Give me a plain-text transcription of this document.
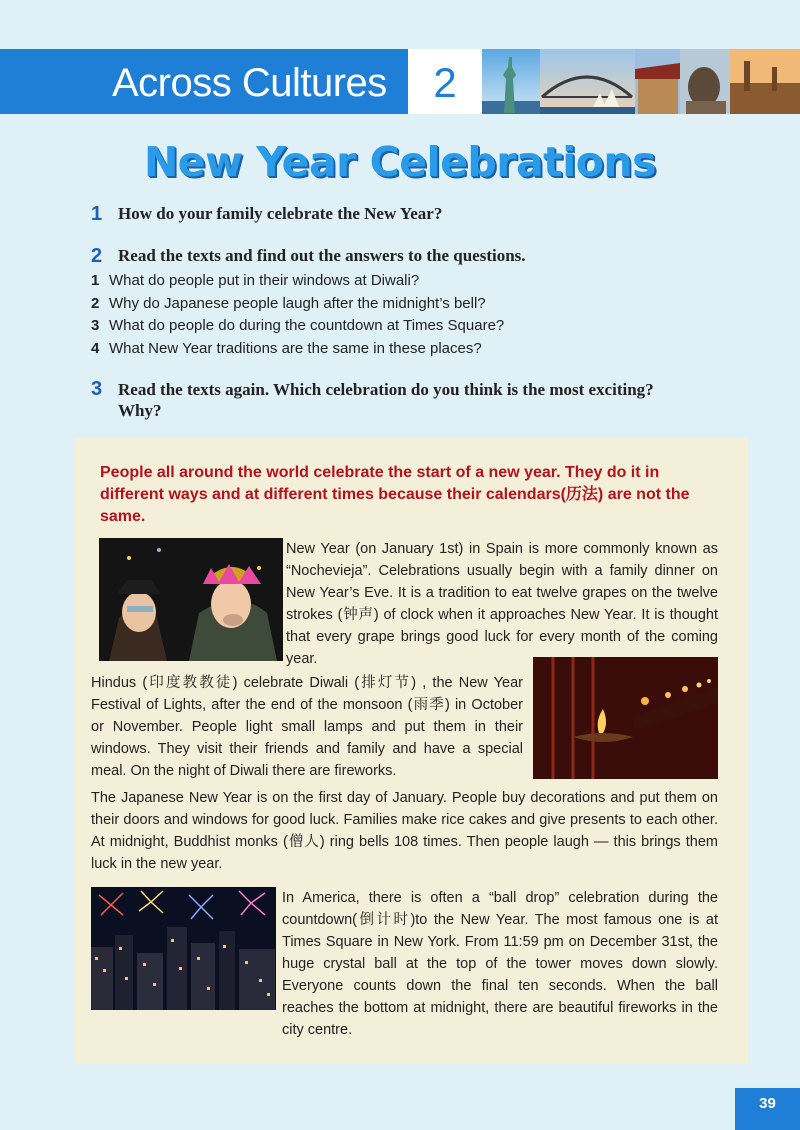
Across Cultures	2
New Year Celebrations
1 How do your family celebrate the New Year?
2 Read the texts and find out the answers to the questions.
1 What do people put in their windows at Diwali?
2 Why do Japanese people laugh after the midnight’s bell?
3 What do people do during the countdown at Times Square?
4 What New Year traditions are the same in these places?
3 Read the texts again. Which celebration do you think is the most exciting? Why?
People all around the world celebrate the start of a new year. They do it in different ways and at different times because their calendars(历法) are not the same.
New Year (on January 1st) in Spain is more commonly known as “Nochevieja”. Celebrations usually begin with a family dinner on New Year’s Eve. It is a tradition to eat twelve grapes on the twelve strokes (钟声) of clock when it approaches New Year. It is thought that every grape brings good luck for every month of the coming year.
Hindus (印度教教徒) celebrate Diwali (排灯节) , the New Year Festival of Lights, after the end of the monsoon (雨季) in October or November. People light small lamps and put them in their windows. They visit their friends and family and have a special meal. On the night of Diwali there are fireworks.
The Japanese New Year is on the first day of January. People buy decorations and put them on their doors and windows for good luck. Families make rice cakes and give presents to each other. At midnight, Buddhist monks (僧人) ring bells 108 times. Then people laugh — this brings them luck in the new year.
In America, there is often a “ball drop” celebration during the countdown(倒计时)to the New Year. The most famous one is at Times Square in New York. From 11:59 pm on December 31st, the huge crystal ball at the top of the tower moves down slowly. Everyone counts down the final ten seconds. When the ball reaches the bottom at midnight, there are beautiful fireworks in the city centre.
39
